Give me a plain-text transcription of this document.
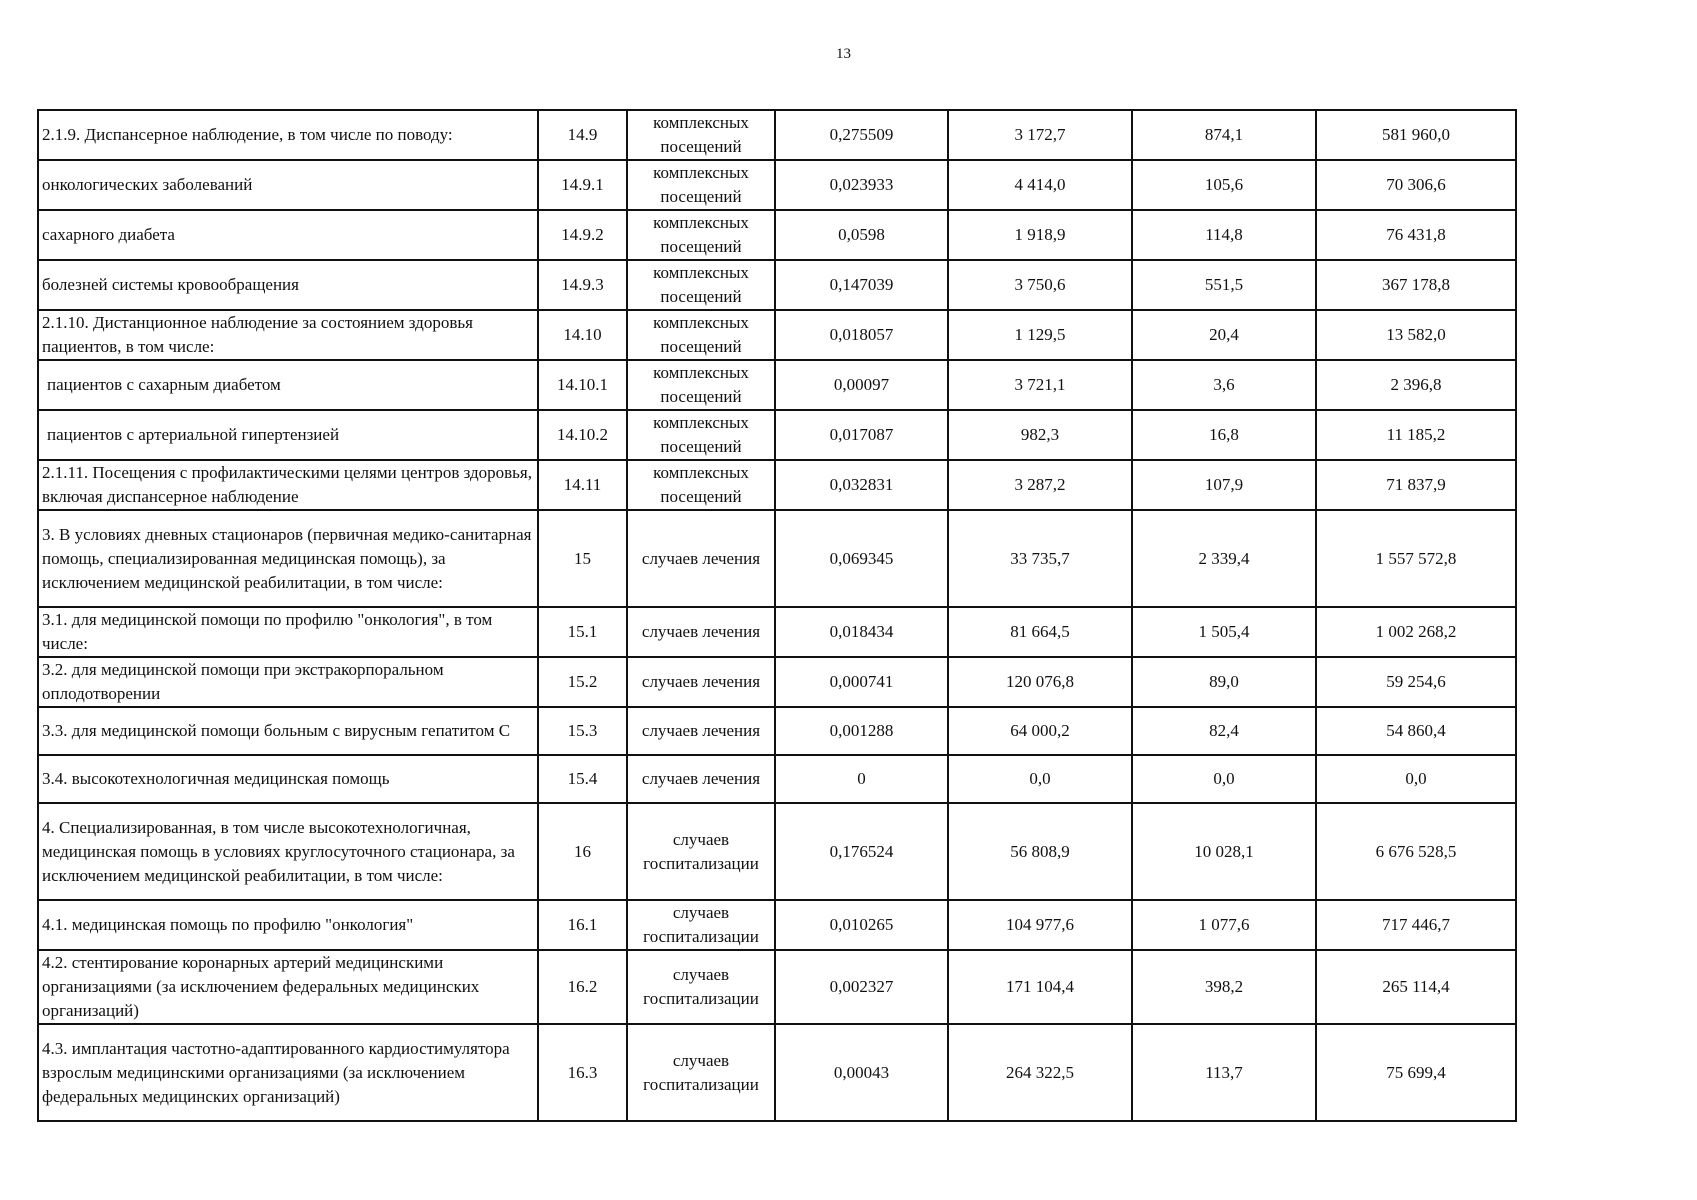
13
2.1.9. Диспансерное наблюдение, в том числе по поводу:	14.9	комплексных посещений	0,275509	3 172,7	874,1	581 960,0
онкологических заболеваний	14.9.1	комплексных посещений	0,023933	4 414,0	105,6	70 306,6
сахарного диабета	14.9.2	комплексных посещений	0,0598	1 918,9	114,8	76 431,8
болезней системы кровообращения	14.9.3	комплексных посещений	0,147039	3 750,6	551,5	367 178,8
2.1.10. Дистанционное наблюдение за состоянием здоровья пациентов, в том числе:	14.10	комплексных посещений	0,018057	1 129,5	20,4	13 582,0
пациентов с сахарным диабетом	14.10.1	комплексных посещений	0,00097	3 721,1	3,6	2 396,8
пациентов с артериальной гипертензией	14.10.2	комплексных посещений	0,017087	982,3	16,8	11 185,2
2.1.11. Посещения с профилактическими целями центров здоровья, включая диспансерное наблюдение	14.11	комплексных посещений	0,032831	3 287,2	107,9	71 837,9
3. В условиях дневных стационаров (первичная медико-санитарная помощь, специализированная медицинская помощь), за исключением медицинской реабилитации, в том числе:	15	случаев лечения	0,069345	33 735,7	2 339,4	1 557 572,8
3.1. для медицинской помощи по профилю "онкология", в том числе:	15.1	случаев лечения	0,018434	81 664,5	1 505,4	1 002 268,2
3.2. для медицинской помощи при экстракорпоральном оплодотворении	15.2	случаев лечения	0,000741	120 076,8	89,0	59 254,6
3.3. для медицинской помощи больным с вирусным гепатитом С	15.3	случаев лечения	0,001288	64 000,2	82,4	54 860,4
3.4. высокотехнологичная медицинская помощь	15.4	случаев лечения	0	0,0	0,0	0,0
4. Специализированная, в том числе высокотехнологичная, медицинская помощь в условиях круглосуточного стационара, за исключением медицинской реабилитации, в том числе:	16	случаев госпитализации	0,176524	56 808,9	10 028,1	6 676 528,5
4.1. медицинская помощь по профилю "онкология"	16.1	случаев госпитализации	0,010265	104 977,6	1 077,6	717 446,7
4.2. стентирование коронарных артерий медицинскими организациями (за исключением федеральных медицинских организаций)	16.2	случаев госпитализации	0,002327	171 104,4	398,2	265 114,4
4.3. имплантация частотно-адаптированного кардиостимулятора взрослым медицинскими организациями (за исключением федеральных медицинских организаций)	16.3	случаев госпитализации	0,00043	264 322,5	113,7	75 699,4
